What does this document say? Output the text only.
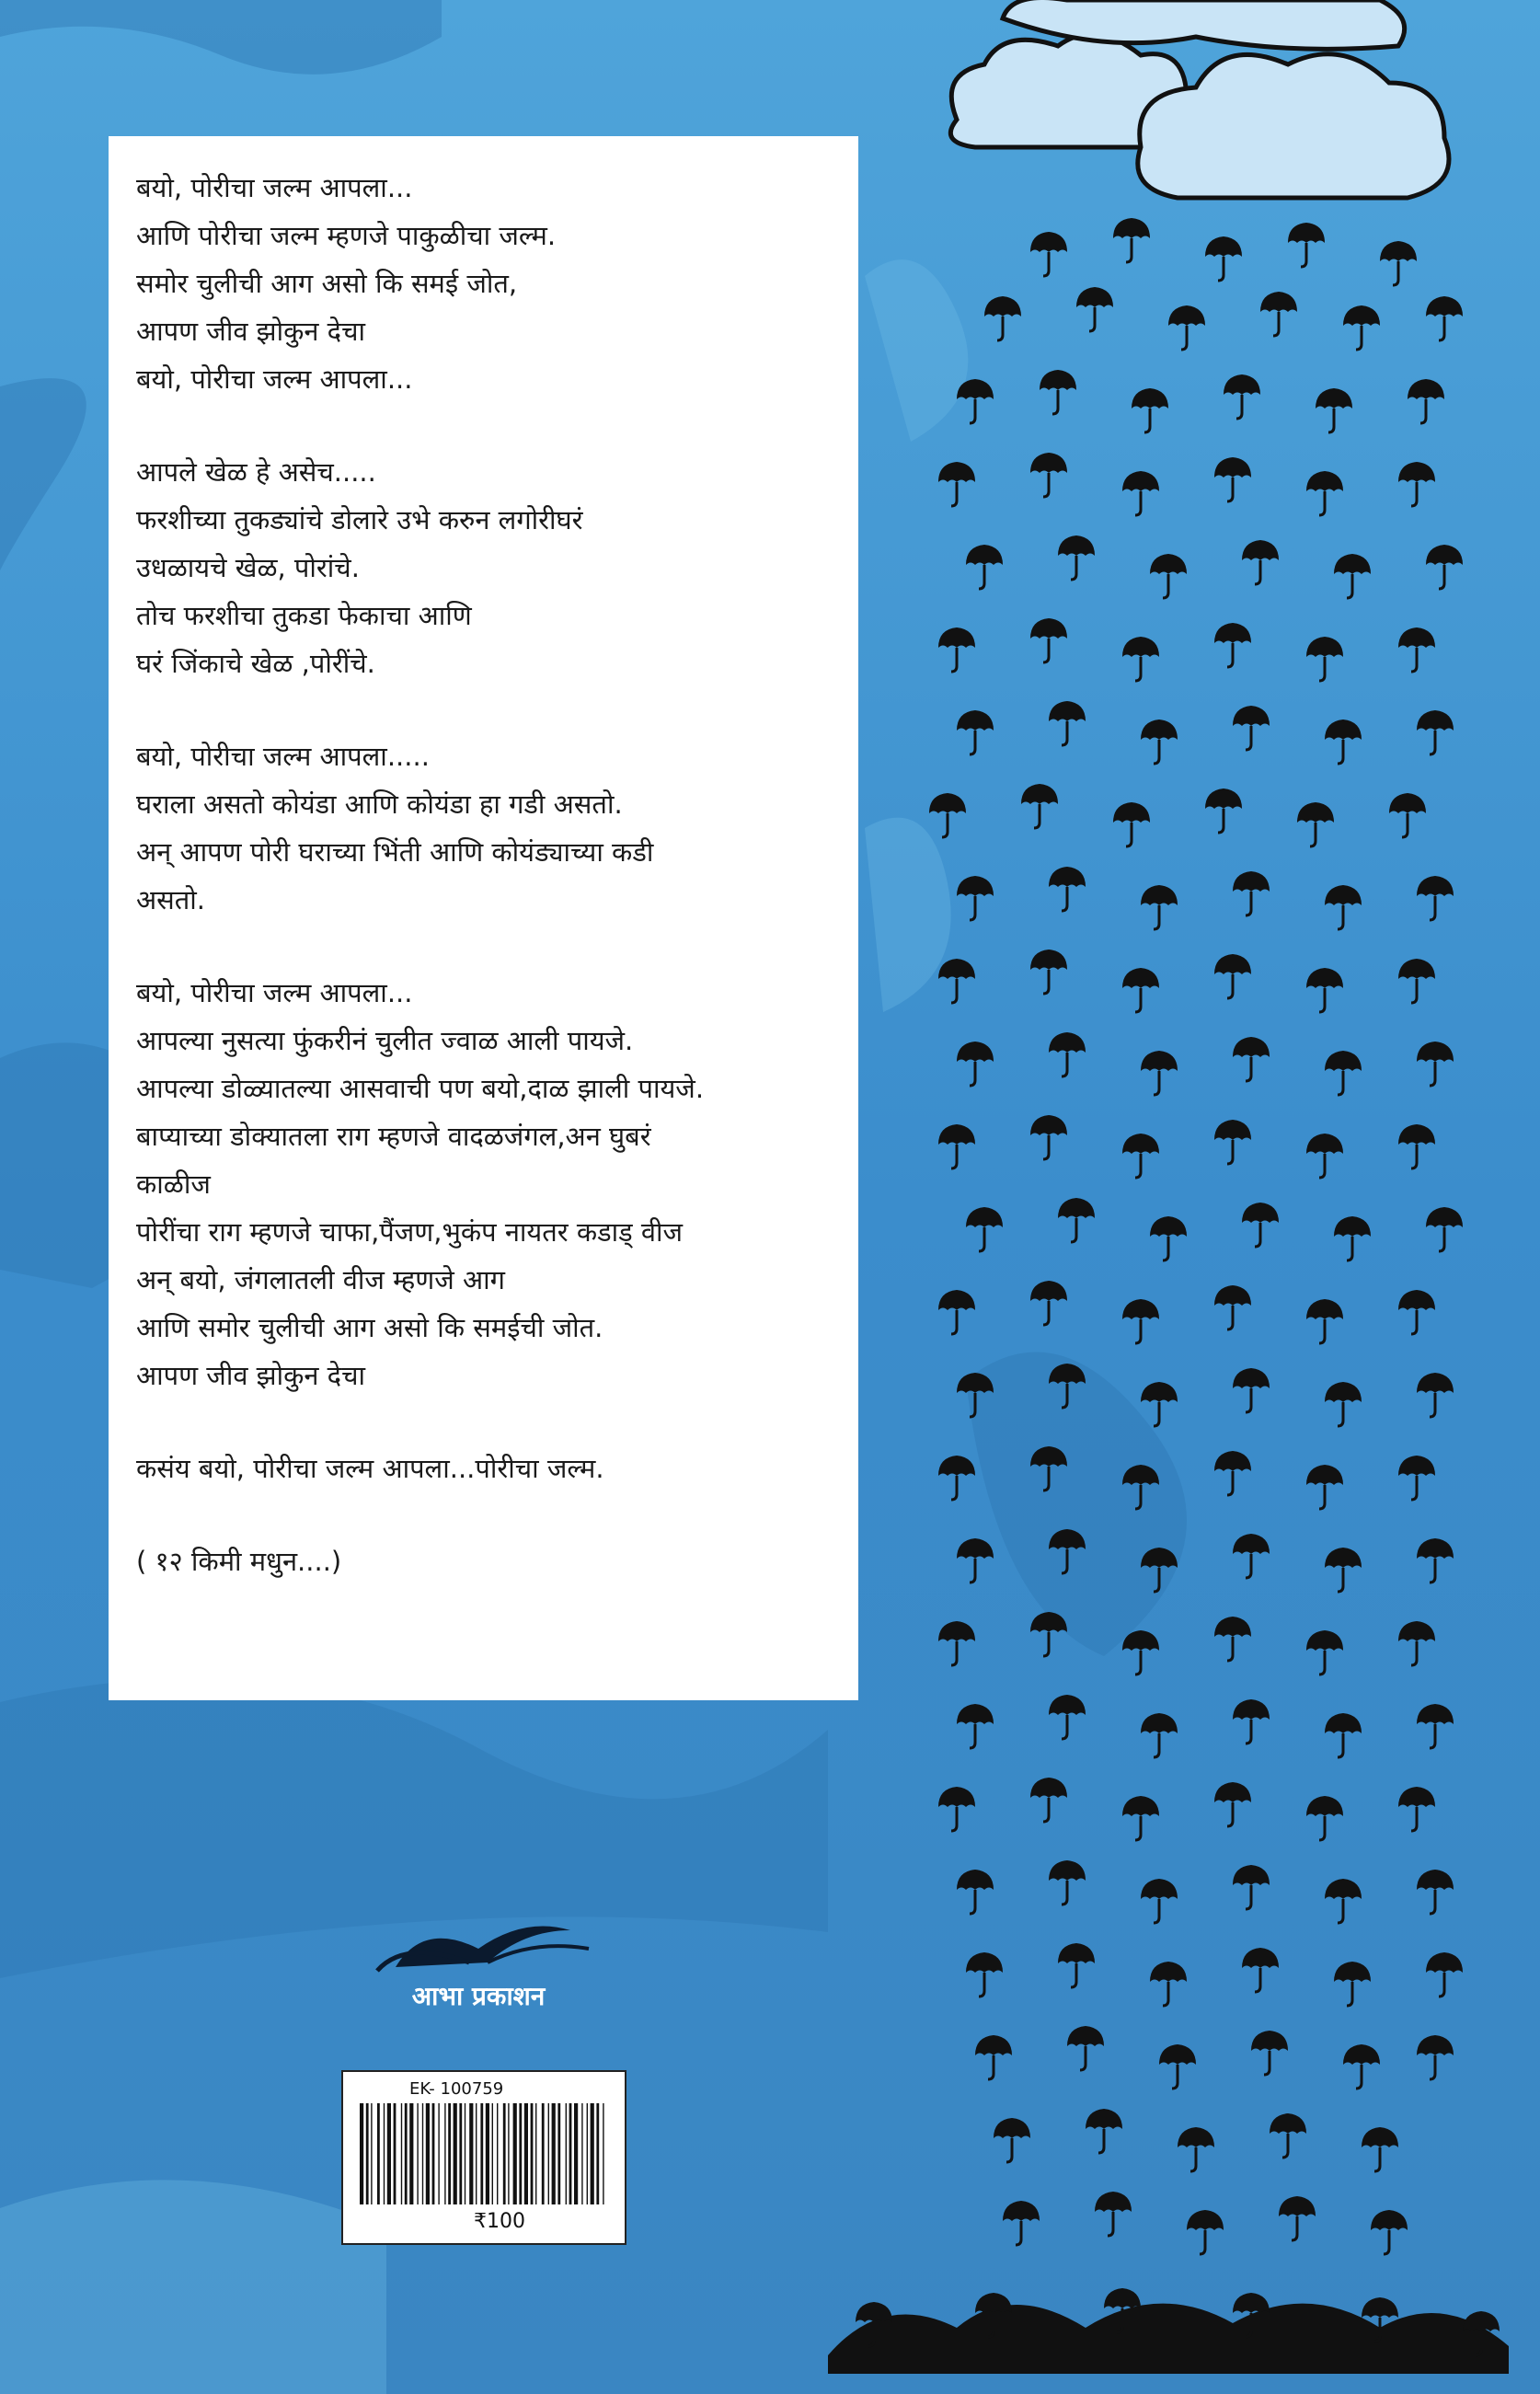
बयो, पोरीचा जल्म आपला...
आणि पोरीचा जल्म म्हणजे पाकुळीचा जल्म.
समोर चुलीची आग असो कि समई जोत,
आपण जीव झोकुन देचा
बयो, पोरीचा जल्म आपला...
आपले खेळ हे असेच.....
फरशीच्या तुकड्यांचे डोलारे उभे करुन लगोरीघरं
उधळायचे खेळ, पोरांचे.
तोच फरशीचा तुकडा फेकाचा आणि
घरं जिंकाचे खेळ ,पोरींचे.
बयो, पोरीचा जल्म आपला.....
घराला असतो कोयंडा आणि कोयंडा हा गडी असतो.
अन् आपण पोरी घराच्या भिंती आणि कोयंड्याच्या कडी
असतो.
बयो, पोरीचा जल्म आपला...
आपल्या नुसत्या फुंकरीनं चुलीत ज्वाळ आली पायजे.
आपल्या डोळ्यातल्या आसवाची पण बयो,दाळ झाली पायजे.
बाप्याच्या डोक्यातला राग म्हणजे वादळजंगल,अन घुबरं
काळीज
पोरींचा राग म्हणजे चाफा,पैंजण,भुकंप नायतर कडाड् वीज
अन् बयो, जंगलातली वीज म्हणजे आग
आणि समोर चुलीची आग असो कि समईची जोत.
आपण जीव झोकुन देचा
कसंय बयो, पोरीचा जल्म आपला...पोरीचा जल्म.
( १२ किमी मधुन....)
आभा प्रकाशन
EK- 100759
₹100
